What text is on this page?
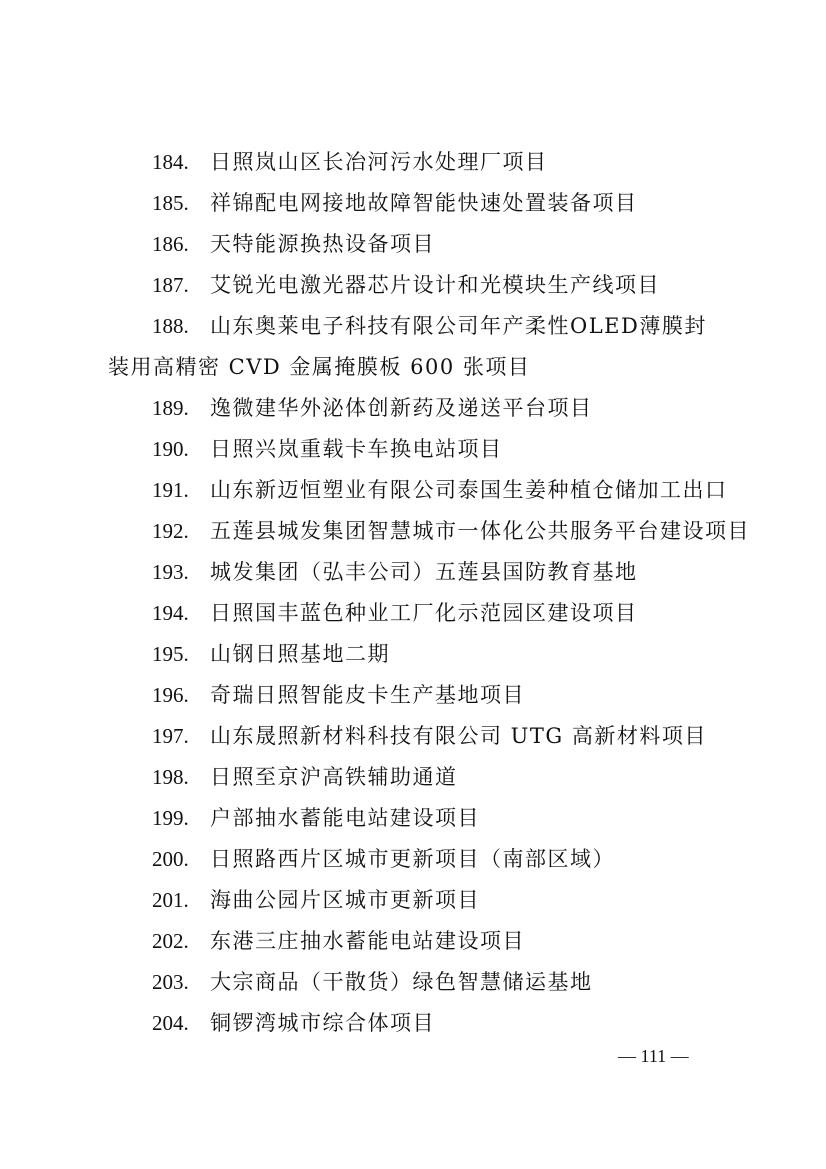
184. 日照岚山区长冶河污水处理厂项目
185. 祥锦配电网接地故障智能快速处置装备项目
186. 天特能源换热设备项目
187. 艾锐光电激光器芯片设计和光模块生产线项目
188. 山东奥莱电子科技有限公司年产柔性OLED薄膜封装用高精密 CVD 金属掩膜板 600 张项目
189. 逸微建华外泌体创新药及递送平台项目
190. 日照兴岚重载卡车换电站项目
191. 山东新迈恒塑业有限公司泰国生姜种植仓储加工出口
192. 五莲县城发集团智慧城市一体化公共服务平台建设项目
193. 城发集团（弘丰公司）五莲县国防教育基地
194. 日照国丰蓝色种业工厂化示范园区建设项目
195. 山钢日照基地二期
196. 奇瑞日照智能皮卡生产基地项目
197. 山东晟照新材料科技有限公司 UTG 高新材料项目
198. 日照至京沪高铁辅助通道
199. 户部抽水蓄能电站建设项目
200. 日照路西片区城市更新项目（南部区域）
201. 海曲公园片区城市更新项目
202. 东港三庄抽水蓄能电站建设项目
203. 大宗商品（干散货）绿色智慧储运基地
204. 铜锣湾城市综合体项目
— 111 —
